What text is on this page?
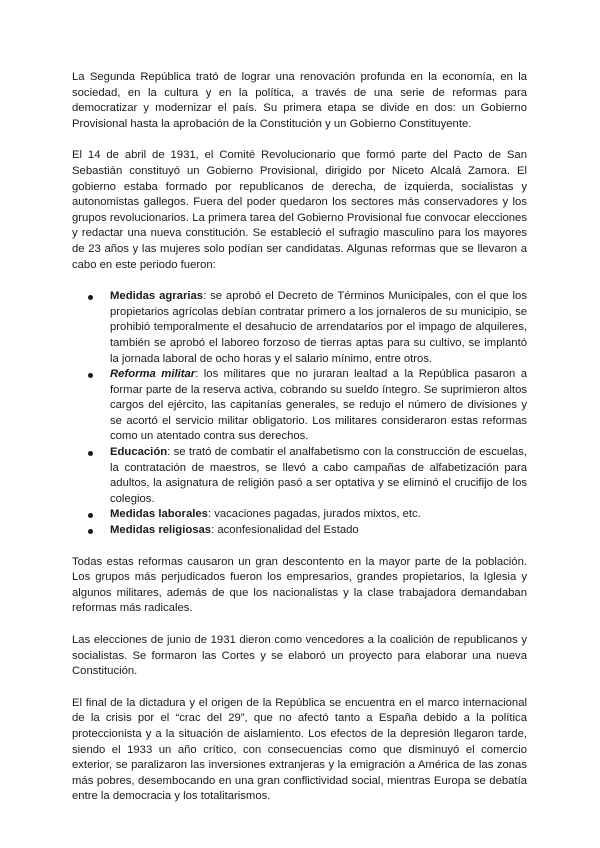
La Segunda República trató de lograr una renovación profunda en la economía, en la sociedad, en la cultura y en la política, a través de una serie de reformas para democratizar y modernizar el país. Su primera etapa se divide en dos: un Gobierno Provisional hasta la aprobación de la Constitución y un Gobierno Constituyente.

El 14 de abril de 1931, el Comité Revolucionario que formó parte del Pacto de San Sebastián constituyó un Gobierno Provisional, dirigido por Niceto Alcalá Zamora. El gobierno estaba formado por republicanos de derecha, de izquierda, socialistas y autonomistas gallegos. Fuera del poder quedaron los sectores más conservadores y los grupos revolucionarios. La primera tarea del Gobierno Provisional fue convocar elecciones y redactar una nueva constitución. Se estableció el sufragio masculino para los mayores de 23 años y las mujeres solo podían ser candidatas. Algunas reformas que se llevaron a cabo en este periodo fueron:

Medidas agrarias: se aprobó el Decreto de Términos Municipales, con el que los propietarios agrícolas debían contratar primero a los jornaleros de su municipio, se prohibió temporalmente el desahucio de arrendatarios por el impago de alquileres, también se aprobó el laboreo forzoso de tierras aptas para su cultivo, se implantó la jornada laboral de ocho horas y el salario mínimo, entre otros.
Reforma militar: los militares que no juraran lealtad a la República pasaron a formar parte de la reserva activa, cobrando su sueldo íntegro. Se suprimieron altos cargos del ejército, las capitanías generales, se redujo el número de divisiones y se acortó el servicio militar obligatorio. Los militares consideraron estas reformas como un atentado contra sus derechos.
Educación: se trató de combatir el analfabetismo con la construcción de escuelas, la contratación de maestros, se llevó a cabo campañas de alfabetización para adultos, la asignatura de religión pasó a ser optativa y se eliminó el crucifijo de los colegios.
Medidas laborales: vacaciones pagadas, jurados mixtos, etc.
Medidas religiosas: aconfesionalidad del Estado

Todas estas reformas causaron un gran descontento en la mayor parte de la población. Los grupos más perjudicados fueron los empresarios, grandes propietarios, la Iglesia y algunos militares, además de que los nacionalistas y la clase trabajadora demandaban reformas más radicales.

Las elecciones de junio de 1931 dieron como vencedores a la coalición de republicanos y socialistas. Se formaron las Cortes y se elaboró un proyecto para elaborar una nueva Constitución.

El final de la dictadura y el origen de la República se encuentra en el marco internacional de la crisis por el “crac del 29”, que no afectó tanto a España debido a la política proteccionista y a la situación de aislamiento. Los efectos de la depresión llegaron tarde, siendo el 1933 un año crítico, con consecuencias como que disminuyó el comercio exterior, se paralizaron las inversiones extranjeras y la emigración a América de las zonas más pobres, desembocando en una gran conflictividad social, mientras Europa se debatía entre la democracia y los totalitarismos.
